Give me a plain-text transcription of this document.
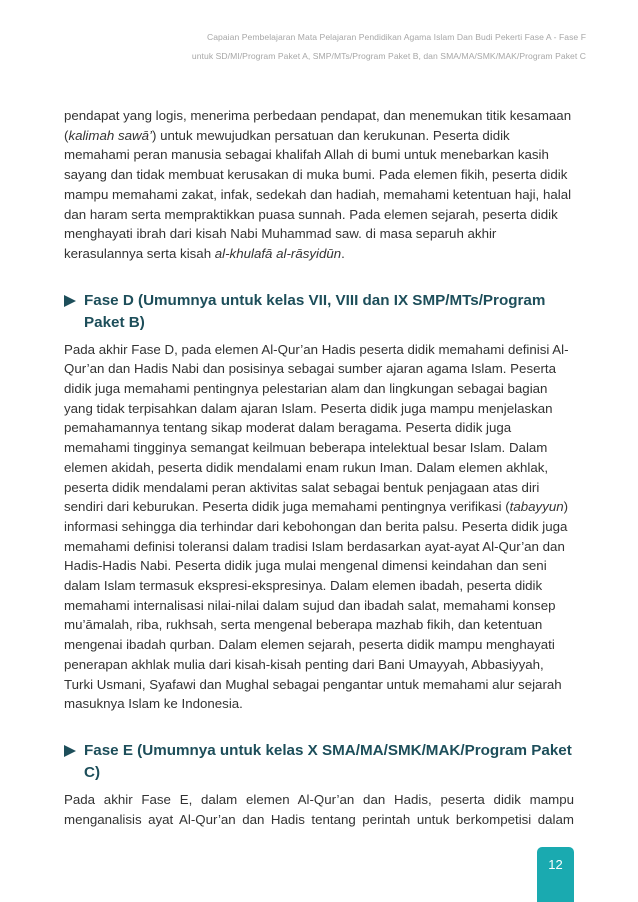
Capaian Pembelajaran Mata Pelajaran Pendidikan Agama Islam Dan Budi Pekerti Fase A - Fase F
untuk SD/MI/Program Paket A, SMP/MTs/Program Paket B, dan SMA/MA/SMK/MAK/Program Paket C

pendapat yang logis, menerima perbedaan pendapat, dan menemukan titik kesamaan (kalimah sawā’) untuk mewujudkan persatuan dan kerukunan. Peserta didik memahami peran manusia sebagai khalifah Allah di bumi untuk menebarkan kasih sayang dan tidak membuat kerusakan di muka bumi. Pada elemen fikih, peserta didik mampu memahami zakat, infak, sedekah dan hadiah, memahami ketentuan haji, halal dan haram serta mempraktikkan puasa sunnah. Pada elemen sejarah, peserta didik menghayati ibrah dari kisah Nabi Muhammad saw. di masa separuh akhir kerasulannya serta kisah al-khulafā al-rāsyidūn.

Fase D (Umumnya untuk kelas VII, VIII dan IX SMP/MTs/Program Paket B)

Pada akhir Fase D, pada elemen Al-Qur’an Hadis peserta didik memahami definisi Al-Qur’an dan Hadis Nabi dan posisinya sebagai sumber ajaran agama Islam. Peserta didik juga memahami pentingnya pelestarian alam dan lingkungan sebagai bagian yang tidak terpisahkan dalam ajaran Islam. Peserta didik juga mampu menjelaskan pemahamannya tentang sikap moderat dalam beragama. Peserta didik juga memahami tingginya semangat keilmuan beberapa intelektual besar Islam. Dalam elemen akidah, peserta didik mendalami enam rukun Iman. Dalam elemen akhlak, peserta didik mendalami peran aktivitas salat sebagai bentuk penjagaan atas diri sendiri dari keburukan. Peserta didik juga memahami pentingnya verifikasi (tabayyun) informasi sehingga dia terhindar dari kebohongan dan berita palsu. Peserta didik juga memahami definisi toleransi dalam tradisi Islam berdasarkan ayat-ayat Al-Qur’an dan Hadis-Hadis Nabi. Peserta didik juga mulai mengenal dimensi keindahan dan seni dalam Islam termasuk ekspresi-ekspresinya. Dalam elemen ibadah, peserta didik memahami internalisasi nilai-nilai dalam sujud dan ibadah salat, memahami konsep mu’āmalah, riba, rukhsah, serta mengenal beberapa mazhab fikih, dan ketentuan mengenai ibadah qurban. Dalam elemen sejarah, peserta didik mampu menghayati penerapan akhlak mulia dari kisah-kisah penting dari Bani Umayyah, Abbasiyyah, Turki Usmani, Syafawi dan Mughal sebagai pengantar untuk memahami alur sejarah masuknya Islam ke Indonesia.

Fase E (Umumnya untuk kelas X SMA/MA/SMK/MAK/Program Paket C)

Pada akhir Fase E, dalam elemen Al-Qur’an dan Hadis, peserta didik mampu

menganalisis ayat Al-Qur’an dan Hadis tentang perintah untuk berkompetisi dalam

12
